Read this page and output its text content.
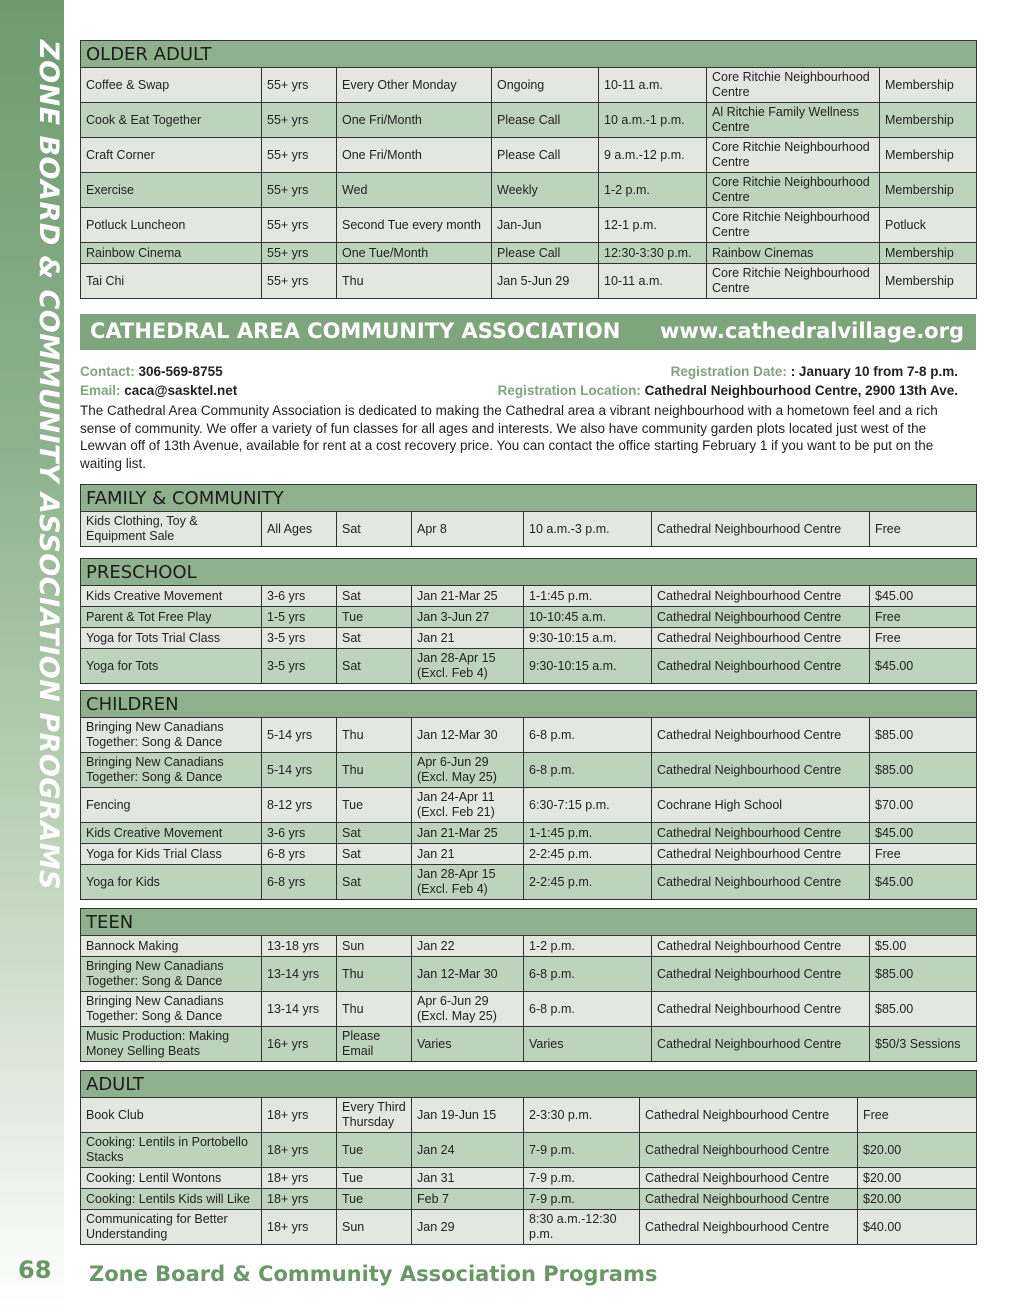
ZONE BOARD & COMMUNITY ASSOCIATION PROGRAMS
68 Zone Board & Community Association Programs
OLDER ADULT						
Coffee & Swap	55+ yrs	Every Other Monday	Ongoing	10-11 a.m.	Core Ritchie Neighbourhood Centre	Membership
Cook & Eat Together	55+ yrs	One Fri/Month	Please Call	10 a.m.-1 p.m.	Al Ritchie Family Wellness Centre	Membership
Craft Corner	55+ yrs	One Fri/Month	Please Call	9 a.m.-12 p.m.	Core Ritchie Neighbourhood Centre	Membership
Exercise	55+ yrs	Wed	Weekly	1-2 p.m.	Core Ritchie Neighbourhood Centre	Membership
Potluck Luncheon	55+ yrs	Second Tue every month	Jan-Jun	12-1 p.m.	Core Ritchie Neighbourhood Centre	Potluck
Rainbow Cinema	55+ yrs	One Tue/Month	Please Call	12:30-3:30 p.m.	Rainbow Cinemas	Membership
Tai Chi	55+ yrs	Thu	Jan 5-Jun 29	10-11 a.m.	Core Ritchie Neighbourhood Centre	Membership
CATHEDRAL AREA COMMUNITY ASSOCIATION www.cathedralvillage.org
Contact: 306-569-8755	Registration Date: : January 10 from 7-8 p.m.
Email: caca@sasktel.net	Registration Location: Cathedral Neighbourhood Centre, 2900 13th Ave.
The Cathedral Area Community Association is dedicated to making the Cathedral area a vibrant neighbourhood with a hometown feel and a rich sense of community. We offer a variety of fun classes for all ages and interests. We also have community garden plots located just west of the Lewvan off of 13th Avenue, available for rent at a cost recovery price. You can contact the office starting February 1 if you want to be put on the waiting list.
FAMILY & COMMUNITY
Kids Clothing, Toy & Equipment Sale	All Ages	Sat	Apr 8	10 a.m.-3 p.m.	Cathedral Neighbourhood Centre	Free
PRESCHOOL						
Kids Creative Movement	3-6 yrs	Sat	Jan 21-Mar 25	1-1:45 p.m.	Cathedral Neighbourhood Centre	$45.00
Parent & Tot Free Play	1-5 yrs	Tue	Jan 3-Jun 27	10-10:45 a.m.	Cathedral Neighbourhood Centre	Free
Yoga for Tots Trial Class	3-5 yrs	Sat	Jan 21	9:30-10:15 a.m.	Cathedral Neighbourhood Centre	Free
Yoga for Tots	3-5 yrs	Sat	Jan 28-Apr 15 (Excl. Feb 4)	9:30-10:15 a.m.	Cathedral Neighbourhood Centre	$45.00
CHILDREN						
Bringing New Canadians Together: Song & Dance	5-14 yrs	Thu	Jan 12-Mar 30	6-8 p.m.	Cathedral Neighbourhood Centre	$85.00
Bringing New Canadians Together: Song & Dance	5-14 yrs	Thu	Apr 6-Jun 29 (Excl. May 25)	6-8 p.m.	Cathedral Neighbourhood Centre	$85.00
Fencing	8-12 yrs	Tue	Jan 24-Apr 11 (Excl. Feb 21)	6:30-7:15 p.m.	Cochrane High School	$70.00
Kids Creative Movement	3-6 yrs	Sat	Jan 21-Mar 25	1-1:45 p.m.	Cathedral Neighbourhood Centre	$45.00
Yoga for Kids Trial Class	6-8 yrs	Sat	Jan 21	2-2:45 p.m.	Cathedral Neighbourhood Centre	Free
Yoga for Kids	6-8 yrs	Sat	Jan 28-Apr 15 (Excl. Feb 4)	2-2:45 p.m.	Cathedral Neighbourhood Centre	$45.00
TEEN						
Bannock Making	13-18 yrs	Sun	Jan 22	1-2 p.m.	Cathedral Neighbourhood Centre	$5.00
Bringing New Canadians Together: Song & Dance	13-14 yrs	Thu	Jan 12-Mar 30	6-8 p.m.	Cathedral Neighbourhood Centre	$85.00
Bringing New Canadians Together: Song & Dance	13-14 yrs	Thu	Apr 6-Jun 29 (Excl. May 25)	6-8 p.m.	Cathedral Neighbourhood Centre	$85.00
Music Production: Making Money Selling Beats	16+ yrs	Please Email	Varies	Varies	Cathedral Neighbourhood Centre	$50/3 Sessions
ADULT						
Book Club	18+ yrs	Every Third Thursday	Jan 19-Jun 15	2-3:30 p.m.	Cathedral Neighbourhood Centre	Free
Cooking: Lentils in Portobello Stacks	18+ yrs	Tue	Jan 24	7-9 p.m.	Cathedral Neighbourhood Centre	$20.00
Cooking: Lentil Wontons	18+ yrs	Tue	Jan 31	7-9 p.m.	Cathedral Neighbourhood Centre	$20.00
Cooking: Lentils Kids will Like	18+ yrs	Tue	Feb 7	7-9 p.m.	Cathedral Neighbourhood Centre	$20.00
Communicating for Better Understanding	18+ yrs	Sun	Jan 29	8:30 a.m.-12:30 p.m.	Cathedral Neighbourhood Centre	$40.00
